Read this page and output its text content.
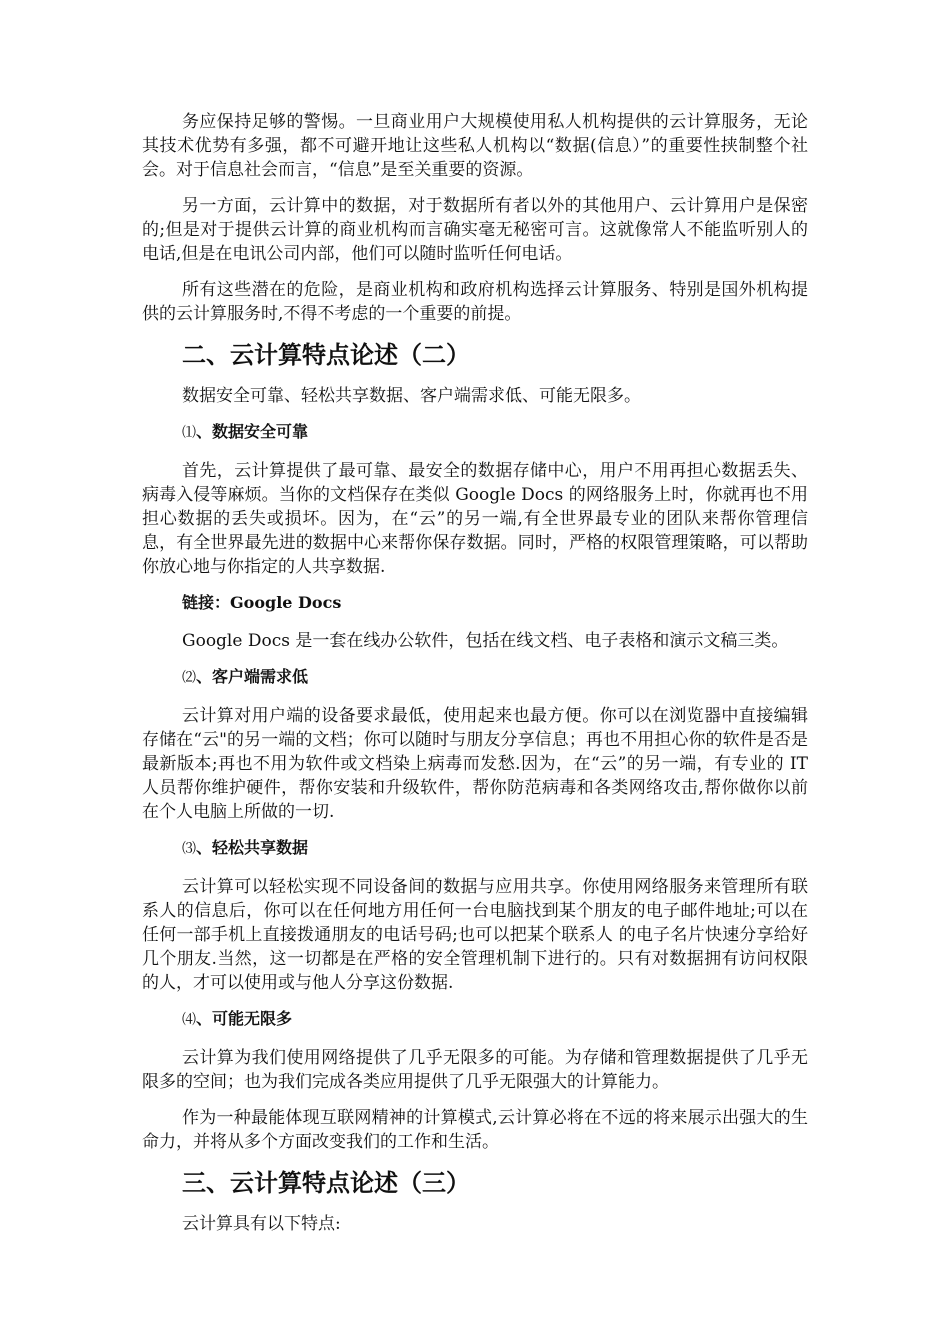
务应保持足够的警惕。一旦商业用户大规模使用私人机构提供的云计算服务，无论其技术优势有多强，都不可避开地让这些私人机构以“数据(信息）”的重要性挟制整个社会。对于信息社会而言，“信息”是至关重要的资源。

另一方面，云计算中的数据，对于数据所有者以外的其他用户、云计算用户是保密的;但是对于提供云计算的商业机构而言确实毫无秘密可言。这就像常人不能监听别人的电话,但是在电讯公司内部，他们可以随时监听任何电话。

所有这些潜在的危险，是商业机构和政府机构选择云计算服务、特别是国外机构提供的云计算服务时,不得不考虑的一个重要的前提。

二、云计算特点论述（二）

数据安全可靠、轻松共享数据、客户端需求低、可能无限多。

⑴、数据安全可靠

首先，云计算提供了最可靠、最安全的数据存储中心，用户不用再担心数据丢失、病毒入侵等麻烦。当你的文档保存在类似 Google Docs 的网络服务上时，你就再也不用担心数据的丢失或损坏。因为，在“云”的另一端,有全世界最专业的团队来帮你管理信息，有全世界最先进的数据中心来帮你保存数据。同时，严格的权限管理策略，可以帮助你放心地与你指定的人共享数据.

链接：Google Docs

Google Docs 是一套在线办公软件，包括在线文档、电子表格和演示文稿三类。

⑵、客户端需求低

云计算对用户端的设备要求最低，使用起来也最方便。你可以在浏览器中直接编辑存储在“云"的另一端的文档；你可以随时与朋友分享信息；再也不用担心你的软件是否是最新版本;再也不用为软件或文档染上病毒而发愁.因为，在“云”的另一端，有专业的 IT 人员帮你维护硬件，帮你安装和升级软件，帮你防范病毒和各类网络攻击,帮你做你以前在个人电脑上所做的一切.

⑶、轻松共享数据

云计算可以轻松实现不同设备间的数据与应用共享。你使用网络服务来管理所有联系人的信息后，你可以在任何地方用任何一台电脑找到某个朋友的电子邮件地址;可以在任何一部手机上直接拨通朋友的电话号码;也可以把某个联系人 的电子名片快速分享给好几个朋友.当然，这一切都是在严格的安全管理机制下进行的。只有对数据拥有访问权限的人，才可以使用或与他人分享这份数据.

⑷、可能无限多

云计算为我们使用网络提供了几乎无限多的可能。为存储和管理数据提供了几乎无限多的空间；也为我们完成各类应用提供了几乎无限强大的计算能力。

作为一种最能体现互联网精神的计算模式,云计算必将在不远的将来展示出强大的生命力，并将从多个方面改变我们的工作和生活。

三、云计算特点论述（三）

云计算具有以下特点:
